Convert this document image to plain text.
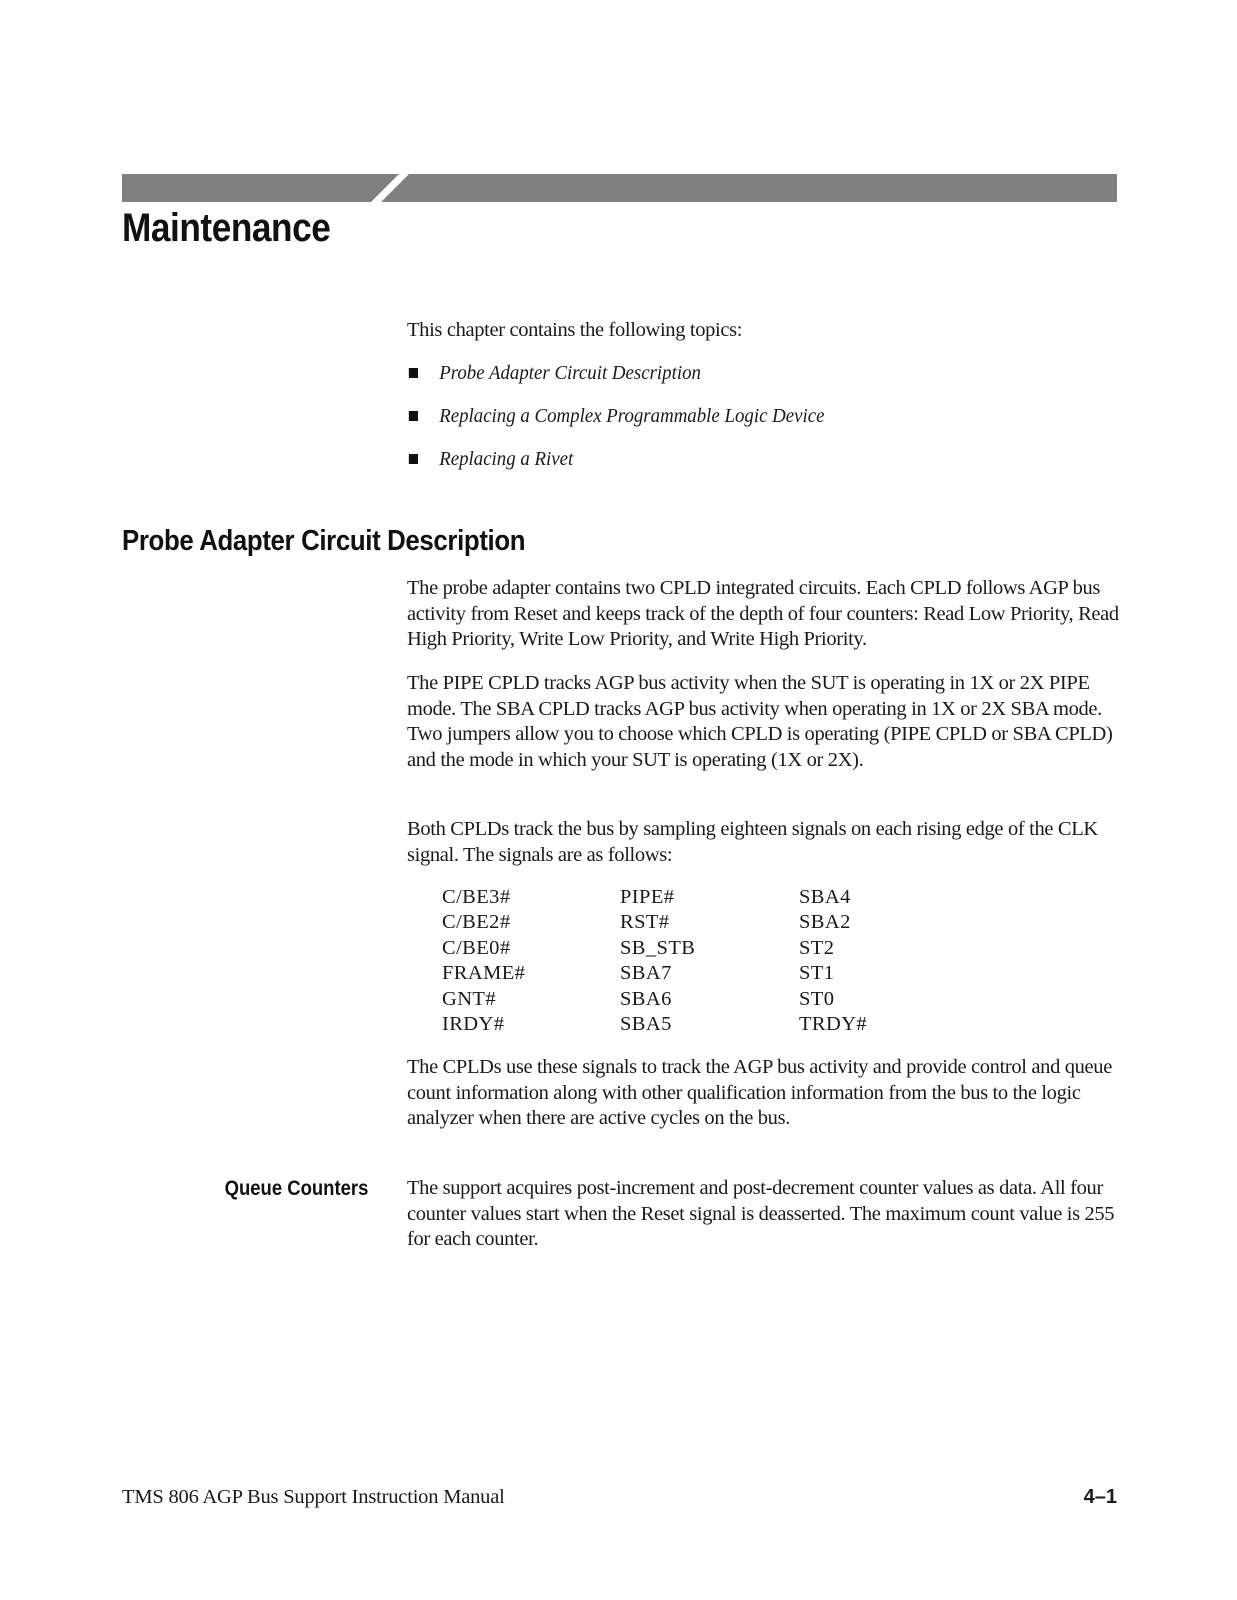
Maintenance

This chapter contains the following topics:

Probe Adapter Circuit Description
Replacing a Complex Programmable Logic Device
Replacing a Rivet
Probe Adapter Circuit Description

The probe adapter contains two CPLD integrated circuits. Each CPLD follows AGP bus activity from Reset and keeps track of the depth of four counters: Read Low Priority, Read High Priority, Write Low Priority, and Write High Priority.

The PIPE CPLD tracks AGP bus activity when the SUT is operating in 1X or 2X PIPE mode. The SBA CPLD tracks AGP bus activity when operating in 1X or 2X SBA mode. Two jumpers allow you to choose which CPLD is operating (PIPE CPLD or SBA CPLD) and the mode in which your SUT is operating (1X or 2X).

Both CPLDs track the bus by sampling eighteen signals on each rising edge of the CLK signal. The signals are as follows:

C/BE3#	PIPE#	SBA4
C/BE2#	RST#	SBA2
C/BE0#	SB_STB	ST2
FRAME#	SBA7	ST1
GNT#	SBA6	ST0
IRDY#	SBA5	TRDY#

The CPLDs use these signals to track the AGP bus activity and provide control and queue count information along with other qualification information from the bus to the logic analyzer when there are active cycles on the bus.

Queue Counters The support acquires post-increment and post-decrement counter values as data. All four counter values start when the Reset signal is deasserted. The maximum count value is 255 for each counter.

TMS 806 AGP Bus Support Instruction Manual	4–1
